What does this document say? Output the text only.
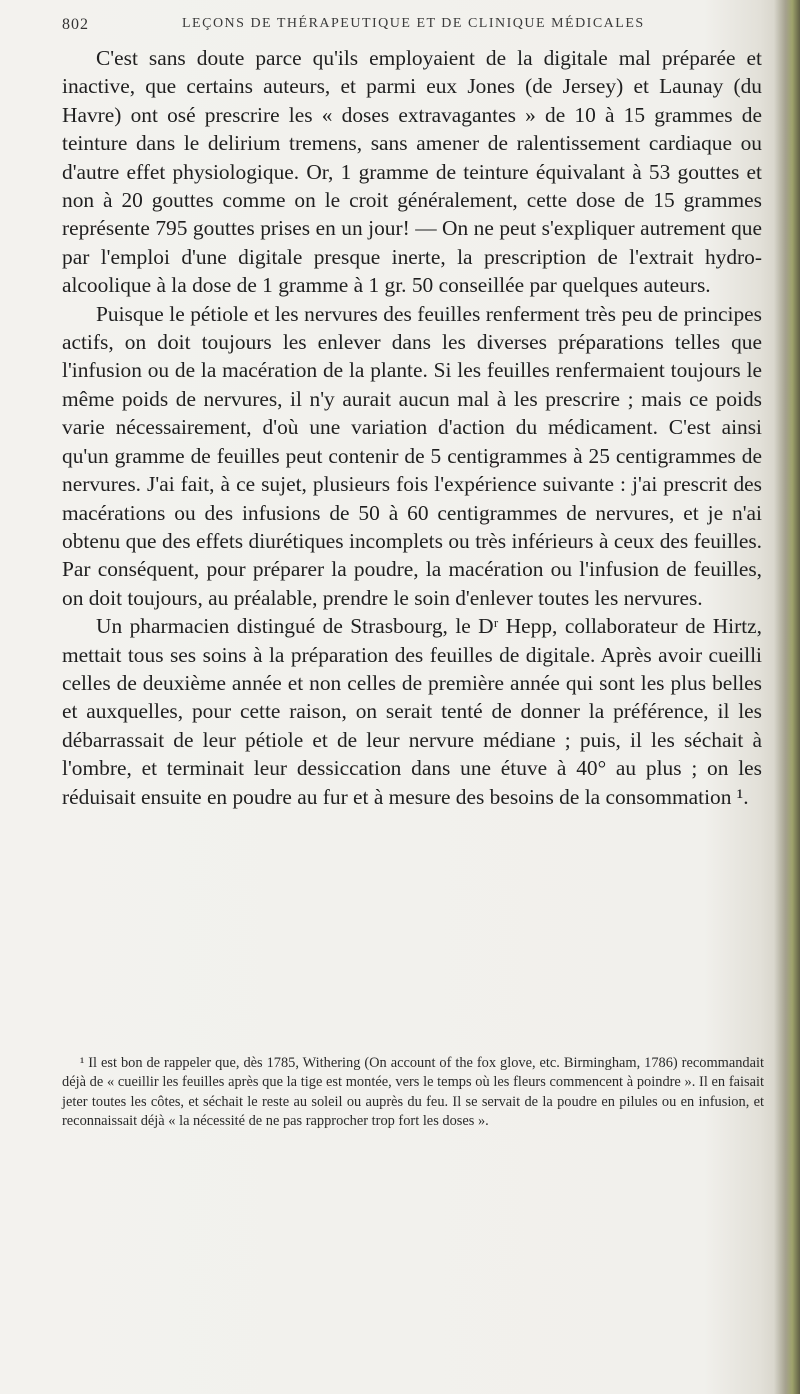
802	LEÇONS DE THÉRAPEUTIQUE ET DE CLINIQUE MÉDICALES

C'est sans doute parce qu'ils employaient de la digitale mal préparée et inactive, que certains auteurs, et parmi eux Jones (de Jersey) et Launay (du Havre) ont osé prescrire les « doses extravagantes » de 10 à 15 grammes de teinture dans le delirium tremens, sans amener de ralentissement cardiaque ou d'autre effet physiologique. Or, 1 gramme de teinture équivalant à 53 gouttes et non à 20 gouttes comme on le croit généralement, cette dose de 15 grammes représente 795 gouttes prises en un jour! — On ne peut s'expliquer autrement que par l'emploi d'une digitale presque inerte, la prescription de l'extrait hydro-alcoolique à la dose de 1 gramme à 1 gr. 50 conseillée par quelques auteurs.

Puisque le pétiole et les nervures des feuilles renferment très peu de principes actifs, on doit toujours les enlever dans les diverses préparations telles que l'infusion ou de la macération de la plante. Si les feuilles renfermaient toujours le même poids de nervures, il n'y aurait aucun mal à les prescrire ; mais ce poids varie nécessairement, d'où une variation d'action du médicament. C'est ainsi qu'un gramme de feuilles peut contenir de 5 centigrammes à 25 centigrammes de nervures. J'ai fait, à ce sujet, plusieurs fois l'expérience suivante : j'ai prescrit des macérations ou des infusions de 50 à 60 centigrammes de nervures, et je n'ai obtenu que des effets diurétiques incomplets ou très inférieurs à ceux des feuilles. Par conséquent, pour préparer la poudre, la macération ou l'infusion de feuilles, on doit toujours, au préalable, prendre le soin d'enlever toutes les nervures.

Un pharmacien distingué de Strasbourg, le Dʳ Hepp, collaborateur de Hirtz, mettait tous ses soins à la préparation des feuilles de digitale. Après avoir cueilli celles de deuxième année et non celles de première année qui sont les plus belles et auxquelles, pour cette raison, on serait tenté de donner la préférence, il les débarrassait de leur pétiole et de leur nervure médiane ; puis, il les séchait à l'ombre, et terminait leur dessiccation dans une étuve à 40° au plus ; on les réduisait ensuite en poudre au fur et à mesure des besoins de la consommation ¹.

¹ Il est bon de rappeler que, dès 1785, Withering (On account of the fox glove, etc. Birmingham, 1786) recommandait déjà de « cueillir les feuilles après que la tige est montée, vers le temps où les fleurs commencent à poindre ». Il en faisait jeter toutes les côtes, et séchait le reste au soleil ou auprès du feu. Il se servait de la poudre en pilules ou en infusion, et reconnaissait déjà « la nécessité de ne pas rapprocher trop fort les doses ».
